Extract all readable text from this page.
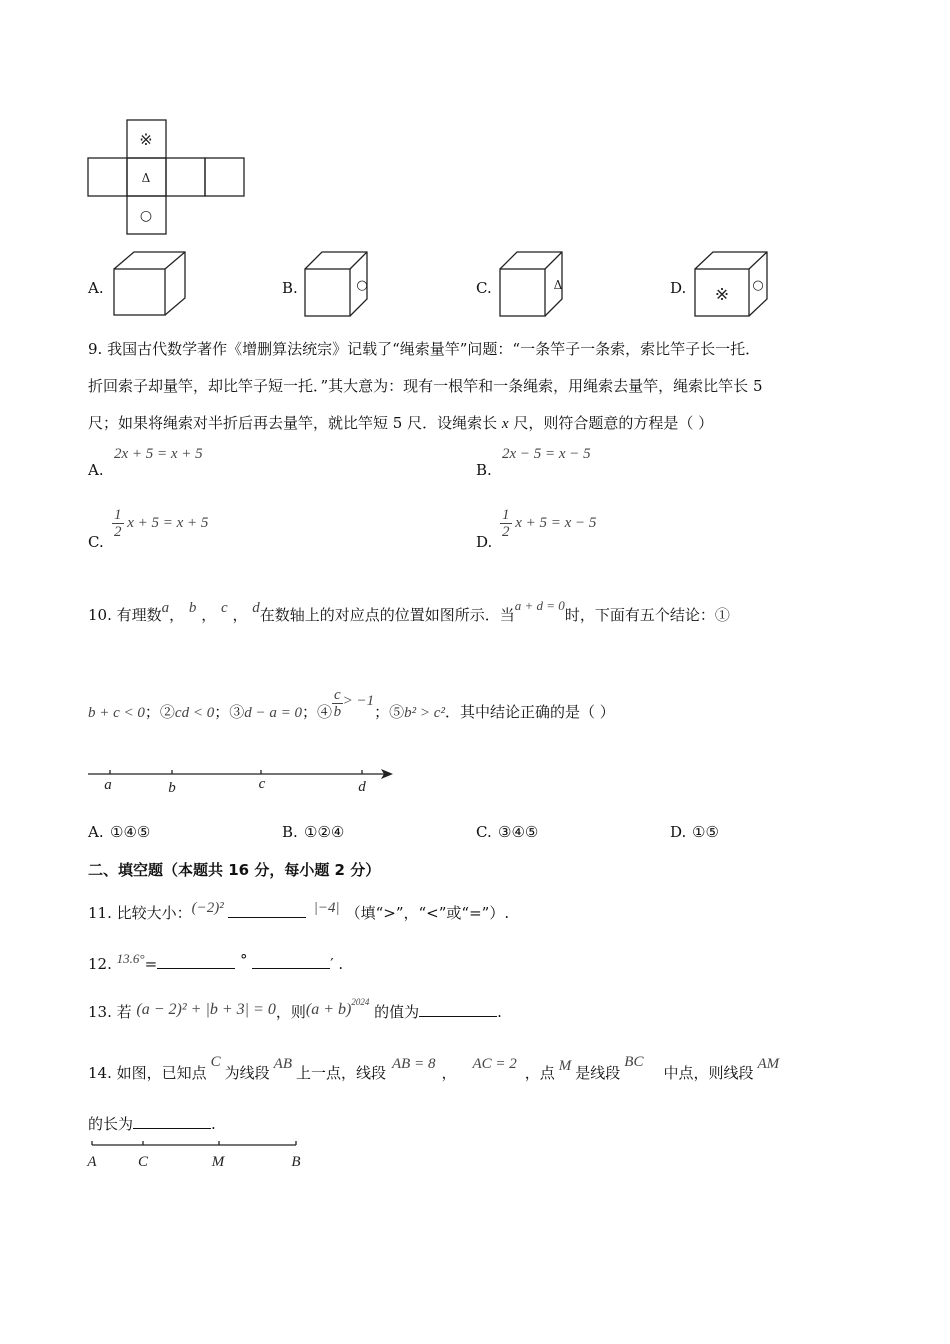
※
Δ
○
A.	B.	○	C.	Δ	D. ※ ○
9. 我国古代数学著作《增删算法统宗》记载了“绳索量竿”问题：“一条竿子一条索，索比竿子长一托．
折回索子却量竿，却比竿子短一托．”其大意为：现有一根竿和一条绳索，用绳索去量竿，绳索比竿长 5
尺；如果将绳索对半折后再去量竿，就比竿短 5 尺．设绳索长 x 尺，则符合题意的方程是（ ）
A.
2x + 5 = x + 5
B.
2x − 5 = x − 5
C.
$\frac{1}{2}$ x + 5 = x + 5
D.
$\frac{1}{2}$ x + 5 = x − 5
10. 有理数a， b ， c ， d在数轴上的对应点的位置如图所示．当a + d = 0时，下面有五个结论：①
b + c < 0；②cd < 0；③d − a = 0；④ $\frac{c}{b} > -1$；⑤b² > c²．其中结论正确的是（ ）
a	b	c	d
A. ①④⑤	B. ①②④	C. ③④⑤	D. ①⑤
二、填空题（本题共 16 分，每小题 2 分）
11. 比较大小：(−2)²	|−4| （填“>”，“<”或“=”）.
12. 13.6°=	°	′ .
13. 若 (a − 2)² + |b + 3| = 0，则$(a + b)^{2024}$ 的值为	.
14. 如图，已知点C为线段 AB 上一点，线段 AB = 8 ， AC = 2 ，点 M 是线段BC中点，则线段 AM
的长为	.
A	C	M	B
